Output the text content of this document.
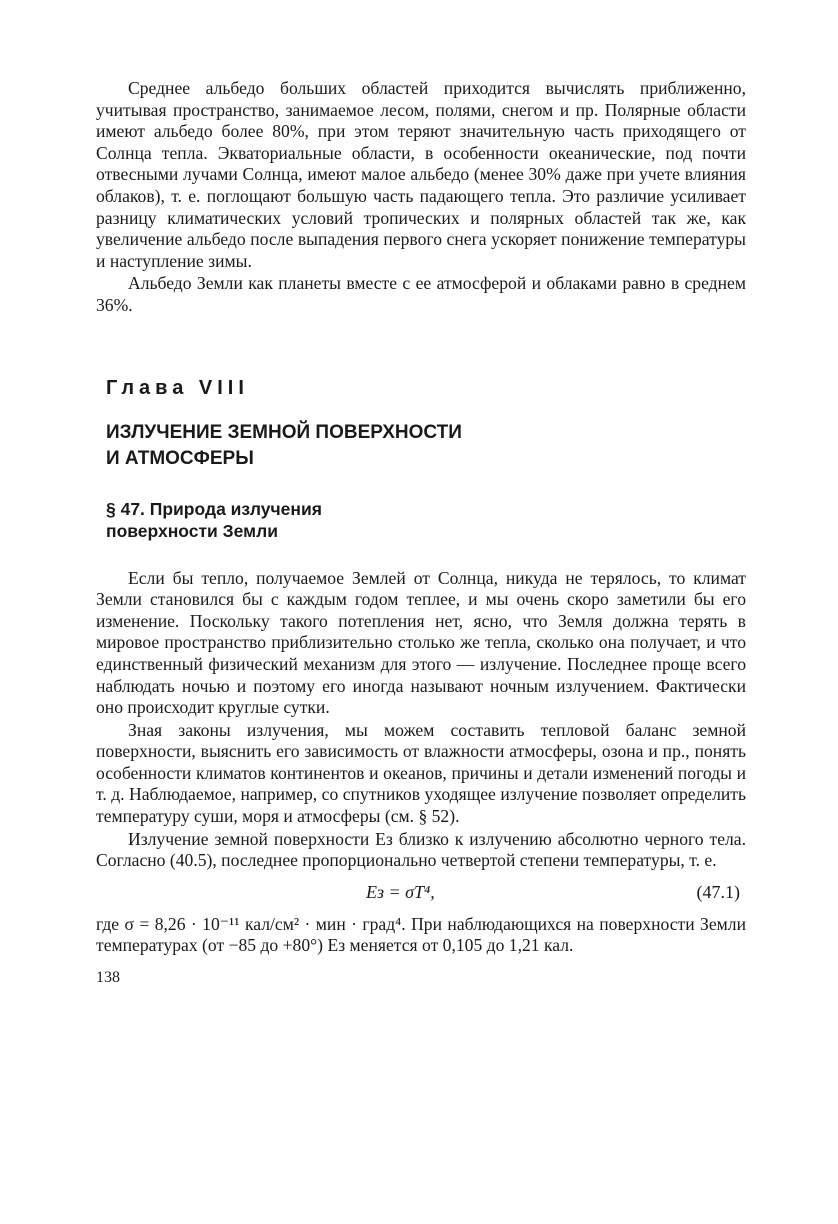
Среднее альбедо больших областей приходится вычислять приближенно, учитывая пространство, занимаемое лесом, полями, снегом и пр. Полярные области имеют альбедо более 80%, при этом теряют значительную часть приходящего от Солнца тепла. Экваториальные области, в особенности океанические, под почти отвесными лучами Солнца, имеют малое альбедо (менее 30% даже при учете влияния облаков), т. е. поглощают большую часть падающего тепла. Это различие усиливает разницу климатических условий тропических и полярных областей так же, как увеличение альбедо после выпадения первого снега ускоряет понижение температуры и наступление зимы.

Альбедо Земли как планеты вместе с ее атмосферой и облаками равно в среднем 36%.

Глава VIII
ИЗЛУЧЕНИЕ ЗЕМНОЙ ПОВЕРХНОСТИ
И АТМОСФЕРЫ
§ 47. Природа излучения
поверхности Земли

Если бы тепло, получаемое Землей от Солнца, никуда не терялось, то климат Земли становился бы с каждым годом теплее, и мы очень скоро заметили бы его изменение. Поскольку такого потепления нет, ясно, что Земля должна терять в мировое пространство приблизительно столько же тепла, сколько она получает, и что единственный физический механизм для этого — излучение. Последнее проще всего наблюдать ночью и поэтому его иногда называют ночным излучением. Фактически оно происходит круглые сутки.

Зная законы излучения, мы можем составить тепловой баланс земной поверхности, выяснить его зависимость от влажности атмосферы, озона и пр., понять особенности климатов континентов и океанов, причины и детали изменений погоды и т. д. Наблюдаемое, например, со спутников уходящее излучение позволяет определить температуру суши, моря и атмосферы (см. § 52).

Излучение земной поверхности Eз близко к излучению абсолютно черного тела. Согласно (40.5), последнее пропорционально четвертой степени температуры, т. е.

Eз = σT⁴,	(47.1)

где σ = 8,26 · 10⁻¹¹ кал/см² · мин · град⁴. При наблюдающихся на поверхности Земли температурах (от −85 до +80°) Eз меняется от 0,105 до 1,21 кал.

138
